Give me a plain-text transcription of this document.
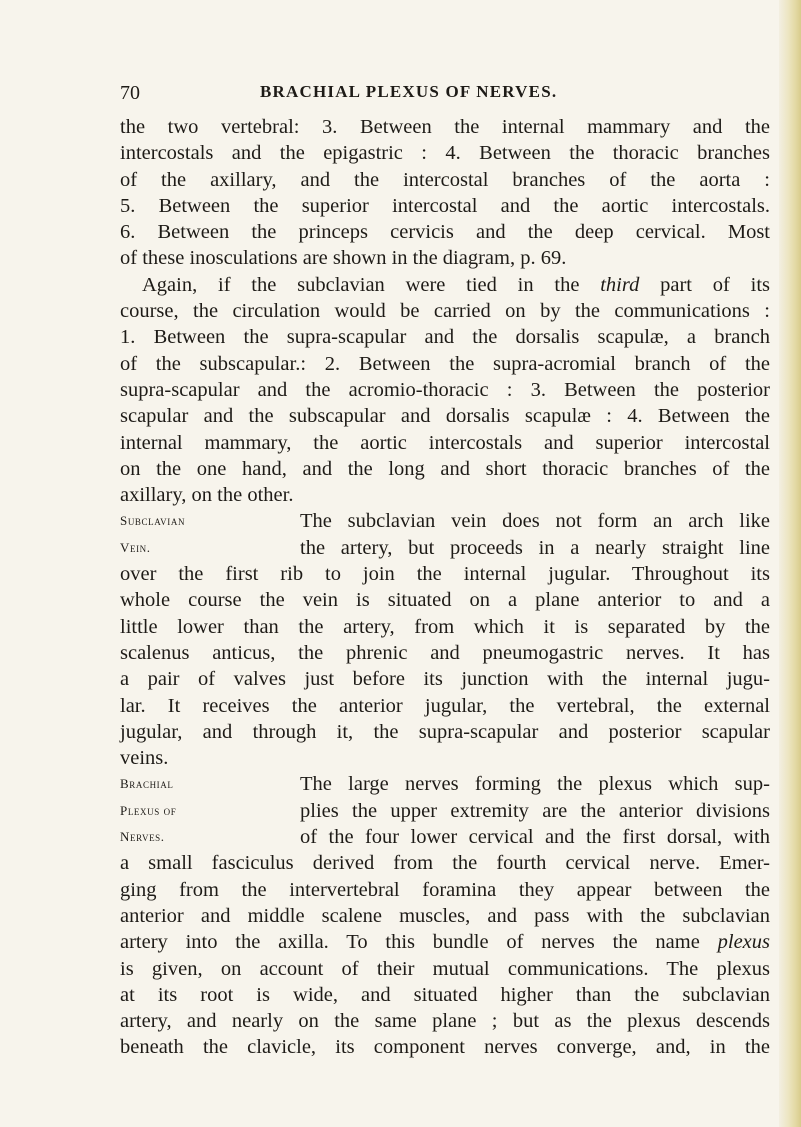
70	BRACHIAL PLEXUS OF NERVES.

the two vertebral: 3. Between the internal mammary and the

intercostals and the epigastric : 4. Between the thoracic branches

of the axillary, and the intercostal branches of the aorta :

5. Between the superior intercostal and the aortic intercostals.

6. Between the princeps cervicis and the deep cervical. Most

of these inosculations are shown in the diagram, p. 69.

Again, if the subclavian were tied in the third part of its

course, the circulation would be carried on by the communications :

1. Between the supra-scapular and the dorsalis scapulæ, a branch

of the subscapular.: 2. Between the supra-acromial branch of the

supra-scapular and the acromio-thoracic : 3. Between the posterior

scapular and the subscapular and dorsalis scapulæ : 4. Between the

internal mammary, the aortic intercostals and superior intercostal

on the one hand, and the long and short thoracic branches of the

axillary, on the other.

Subclavian
Vein.

The subclavian vein does not form an arch like

the artery, but proceeds in a nearly straight line

over the first rib to join the internal jugular. Throughout its

whole course the vein is situated on a plane anterior to and a

little lower than the artery, from which it is separated by the

scalenus anticus, the phrenic and pneumogastric nerves. It has

a pair of valves just before its junction with the internal jugu-

lar. It receives the anterior jugular, the vertebral, the external

jugular, and through it, the supra-scapular and posterior scapular

veins.

Brachial
Plexus of
Nerves.

The large nerves forming the plexus which sup-

plies the upper extremity are the anterior divisions

of the four lower cervical and the first dorsal, with

a small fasciculus derived from the fourth cervical nerve. Emer-

ging from the intervertebral foramina they appear between the

anterior and middle scalene muscles, and pass with the subclavian

artery into the axilla. To this bundle of nerves the name plexus

is given, on account of their mutual communications. The plexus

at its root is wide, and situated higher than the subclavian

artery, and nearly on the same plane ; but as the plexus descends

beneath the clavicle, its component nerves converge, and, in the
